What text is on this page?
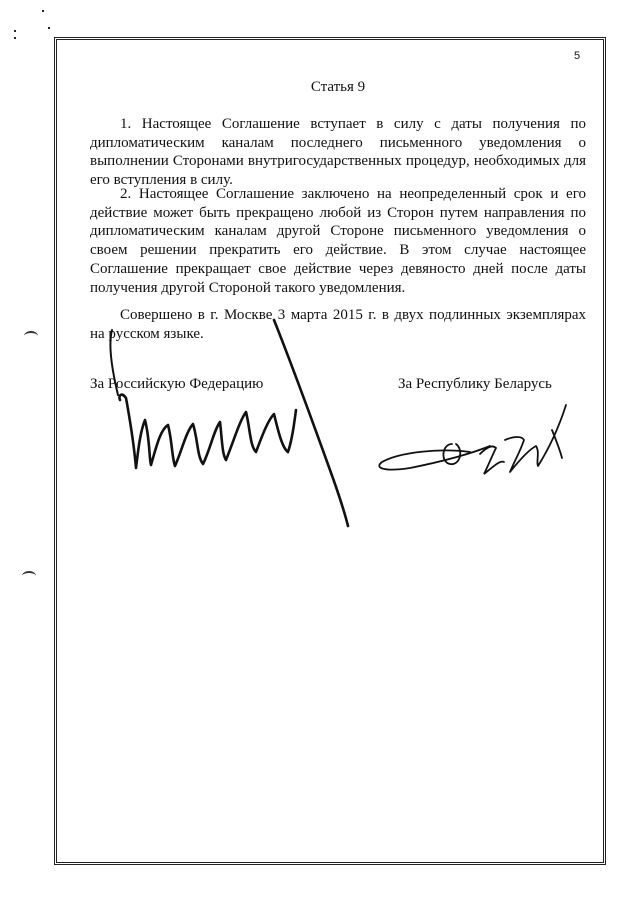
5
Статья 9

1. Настоящее Соглашение вступает в силу с даты получения по дипломатическим каналам последнего письменного уведомления о выполнении Сторонами внутригосударственных процедур, необходимых для его вступления в силу.

2. Настоящее Соглашение заключено на неопределенный срок и его действие может быть прекращено любой из Сторон путем направления по дипломатическим каналам другой Стороне письменного уведомления о своем решении прекратить его действие. В этом случае настоящее Соглашение прекращает свое действие через девяносто дней после даты получения другой Стороной такого уведомления.

Совершено в г. Москве 3 марта 2015 г. в двух подлинных экземплярах на русском языке.

За Российскую Федерацию	За Республику Беларусь
